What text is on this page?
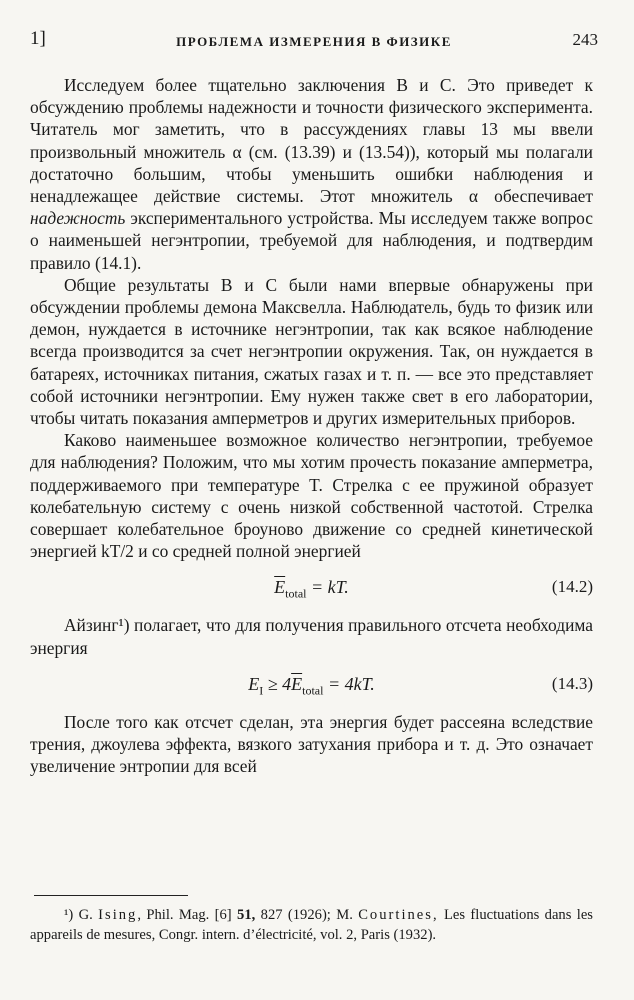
1]	ПРОБЛЕМА ИЗМЕРЕНИЯ В ФИЗИКЕ	243

Исследуем более тщательно заключения B и C. Это приведет к обсуждению проблемы надежности и точности физического эксперимента. Читатель мог заметить, что в рассуждениях главы 13 мы ввели произвольный множитель α (см. (13.39) и (13.54)), который мы полагали достаточно большим, чтобы уменьшить ошибки наблюдения и ненадлежащее действие системы. Этот множитель α обеспечивает надежность экспериментального устройства. Мы исследуем также вопрос о наименьшей негэнтропии, требуемой для наблюдения, и подтвердим правило (14.1).

Общие результаты B и C были нами впервые обнаружены при обсуждении проблемы демона Максвелла. Наблюдатель, будь то физик или демон, нуждается в источнике негэнтропии, так как всякое наблюдение всегда производится за счет негэнтропии окружения. Так, он нуждается в батареях, источниках питания, сжатых газах и т. п. — все это представляет собой источники негэнтропии. Ему нужен также свет в его лаборатории, чтобы читать показания амперметров и других измерительных приборов.

Каково наименьшее возможное количество негэнтропии, требуемое для наблюдения? Положим, что мы хотим прочесть показание амперметра, поддерживаемого при температуре T. Стрелка с ее пружиной образует колебательную систему с очень низкой собственной частотой. Стрелка совершает колебательное броуново движение со средней кинетической энергией kT/2 и со средней полной энергией

$\overline{E}_{total}$ = kT.	(14.2)

Айзинг¹) полагает, что для получения правильного отсчета необходима энергия

$E_I \ge 4\overline{E}_{total} = 4kT$.	(14.3)

После того как отсчет сделан, эта энергия будет рассеяна вследствие трения, джоулева эффекта, вязкого затухания прибора и т. д. Это означает увеличение энтропии для всей

¹) G. Ising, Phil. Mag. [6] 51, 827 (1926); M. Courtines, Les fluctuations dans les appareils de mesures, Congr. intern. d’électricité, vol. 2, Paris (1932).
